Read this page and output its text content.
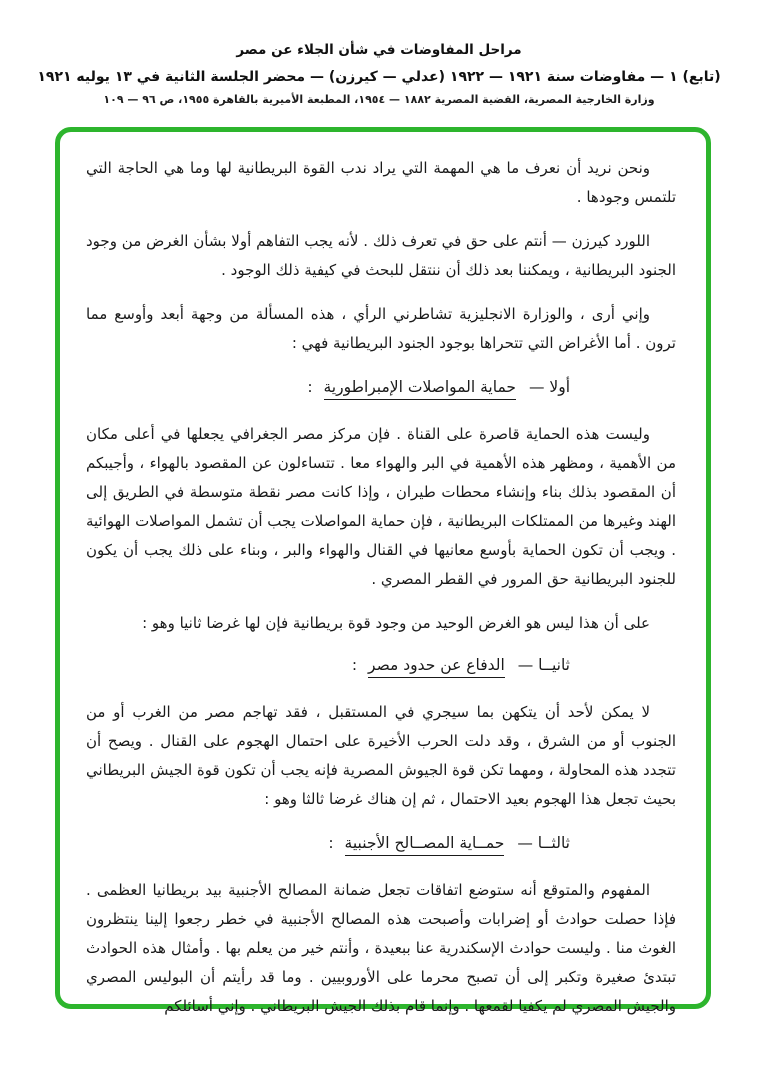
مراحل المفاوضات في شأن الجلاء عن مصر
(تابع) ١ — مفاوضات سنة ١٩٢١ — ١٩٢٢ (عدلي — كيرزن) — محضر الجلسة الثانية في ١٣ يوليه ١٩٢١
وزارة الخارجية المصرية، القضية المصرية ١٨٨٢ — ١٩٥٤، المطبعة الأميرية بالقاهرة ١٩٥٥، ص ٩٦ — ١٠٩

ونحن نريد أن نعرف ما هي المهمة التي يراد ندب القوة البريطانية لها وما هي الحاجة التي تلتمس وجودها .

اللورد كيرزن — أنتم على حق في تعرف ذلك . لأنه يجب التفاهم أولا بشأن الغرض من وجود الجنود البريطانية ، ويمكننا بعد ذلك أن ننتقل للبحث في كيفية ذلك الوجود .

وإني أرى ، والوزارة الانجليزية تشاطرني الرأي ، هذه المسألة من وجهة أبعد وأوسع مما ترون . أما الأغراض التي تتحراها بوجود الجنود البريطانية فهي :

أولا — حماية المواصلات الإمبراطورية :

وليست هذه الحماية قاصرة على القناة . فإن مركز مصر الجغرافي يجعلها في أعلى مكان من الأهمية ، ومظهر هذه الأهمية في البر والهواء معا . تتساءلون عن المقصود بالهواء ، وأجيبكم أن المقصود بذلك بناء وإنشاء محطات طيران ، وإذا كانت مصر نقطة متوسطة في الطريق إلى الهند وغيرها من الممتلكات البريطانية ، فإن حماية المواصلات يجب أن تشمل المواصلات الهوائية . ويجب أن تكون الحماية بأوسع معانيها في القنال والهواء والبر ، وبناء على ذلك يجب أن يكون للجنود البريطانية حق المرور في القطر المصري .

على أن هذا ليس هو الغرض الوحيد من وجود قوة بريطانية فإن لها غرضا ثانيا وهو :

ثانيــا — الدفاع عن حدود مصر :

لا يمكن لأحد أن يتكهن بما سيجري في المستقبل ، فقد تهاجم مصر من الغرب أو من الجنوب أو من الشرق ، وقد دلت الحرب الأخيرة على احتمال الهجوم على القنال . ويصح أن تتجدد هذه المحاولة ، ومهما تكن قوة الجيوش المصرية فإنه يجب أن تكون قوة الجيش البريطاني بحيث تجعل هذا الهجوم بعيد الاحتمال ، ثم إن هناك غرضا ثالثا وهو :

ثالثــا — حمــاية المصــالح الأجنبية :

المفهوم والمتوقع أنه ستوضع اتفاقات تجعل ضمانة المصالح الأجنبية بيد بريطانيا العظمى . فإذا حصلت حوادث أو إضرابات وأصبحت هذه المصالح الأجنبية في خطر رجعوا إلينا ينتظرون الغوث منا . وليست حوادث الإسكندرية عنا ببعيدة ، وأنتم خير من يعلم بها . وأمثال هذه الحوادث تبتدئ صغيرة وتكبر إلى أن تصبح محرما على الأوروبيين . وما قد رأيتم أن البوليس المصري والجيش المصري لم يكفيا لقمعها . وإنما قام بذلك الجيش البريطاني . وإني أسائلكم
